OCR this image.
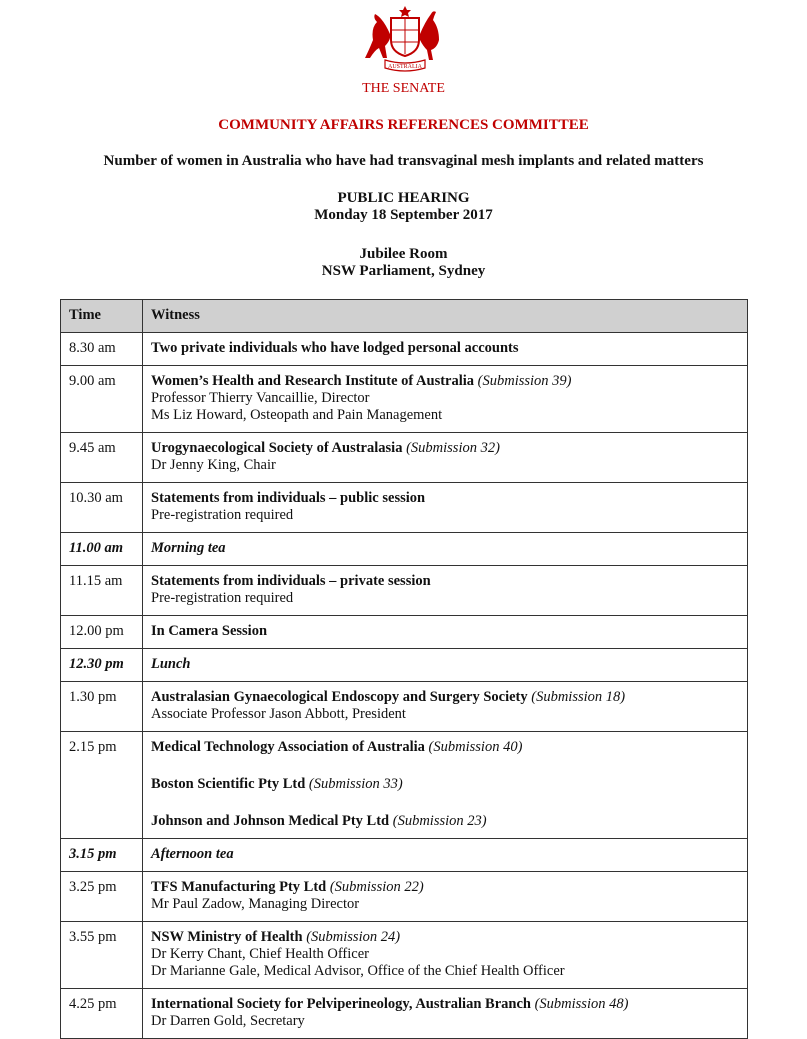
AUSTRALIA
THE SENATE
COMMUNITY AFFAIRS REFERENCES COMMITTEE
Number of women in Australia who have had transvaginal mesh implants and related matters
PUBLIC HEARING
Monday 18 September 2017
Jubilee Room
NSW Parliament, Sydney
Time	Witness
8.30 am	Two private individuals who have lodged personal accounts
9.00 am	Women’s Health and Research Institute of Australia (Submission 39)
Professor Thierry Vancaillie, Director
Ms Liz Howard, Osteopath and Pain Management

9.45 am	Urogynaecological Society of Australasia (Submission 32)
Dr Jenny King, Chair

10.30 am	Statements from individuals – public session
Pre-registration required

11.00 am	Morning tea
11.15 am	Statements from individuals – private session
Pre-registration required

12.00 pm	In Camera Session
12.30 pm	Lunch
1.30 pm	Australasian Gynaecological Endoscopy and Surgery Society (Submission 18)
Associate Professor Jason Abbott, President

2.15 pm	Medical Technology Association of Australia (Submission 40)
Boston Scientific Pty Ltd (Submission 33)
Johnson and Johnson Medical Pty Ltd (Submission 23)
3.15 pm	Afternoon tea
3.25 pm	TFS Manufacturing Pty Ltd (Submission 22)
Mr Paul Zadow, Managing Director

3.55 pm	NSW Ministry of Health (Submission 24)
Dr Kerry Chant, Chief Health Officer
Dr Marianne Gale, Medical Advisor, Office of the Chief Health Officer

4.25 pm	International Society for Pelviperineology, Australian Branch (Submission 48)
Dr Darren Gold, Secretary
